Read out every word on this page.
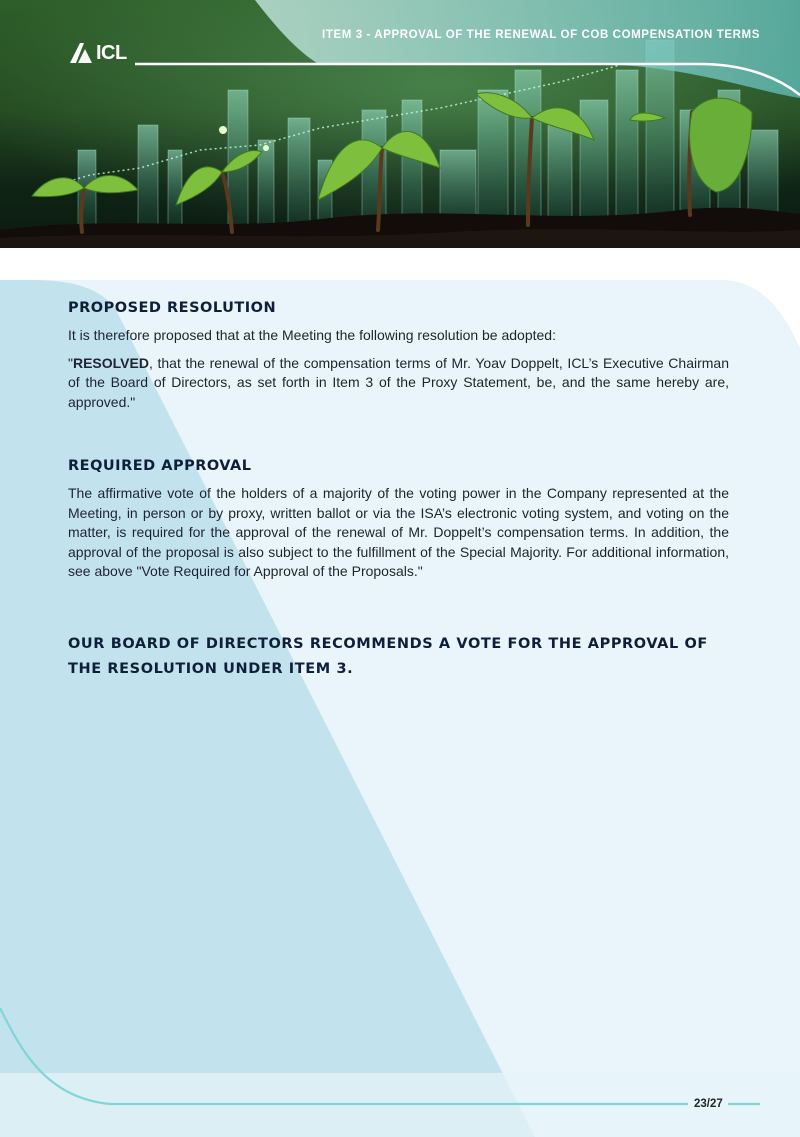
ICL
ITEM 3 - APPROVAL OF THE RENEWAL OF COB COMPENSATION TERMS
PROPOSED RESOLUTION

It is therefore proposed that at the Meeting the following resolution be adopted:

"RESOLVED, that the renewal of the compensation terms of Mr. Yoav Doppelt, ICL’s Executive Chairman of the Board of Directors, as set forth in Item 3 of the Proxy Statement, be, and the same hereby are, approved."

REQUIRED APPROVAL

The affirmative vote of the holders of a majority of the voting power in the Company represented at the Meeting, in person or by proxy, written ballot or via the ISA’s electronic voting system, and voting on the matter, is required for the approval of the renewal of Mr. Doppelt’s compensation terms. In addition, the approval of the proposal is also subject to the fulfillment of the Special Majority. For additional information, see above "Vote Required for Approval of the Proposals."

OUR BOARD OF DIRECTORS RECOMMENDS A VOTE FOR THE APPROVAL OF THE RESOLUTION UNDER ITEM 3.
23/27
